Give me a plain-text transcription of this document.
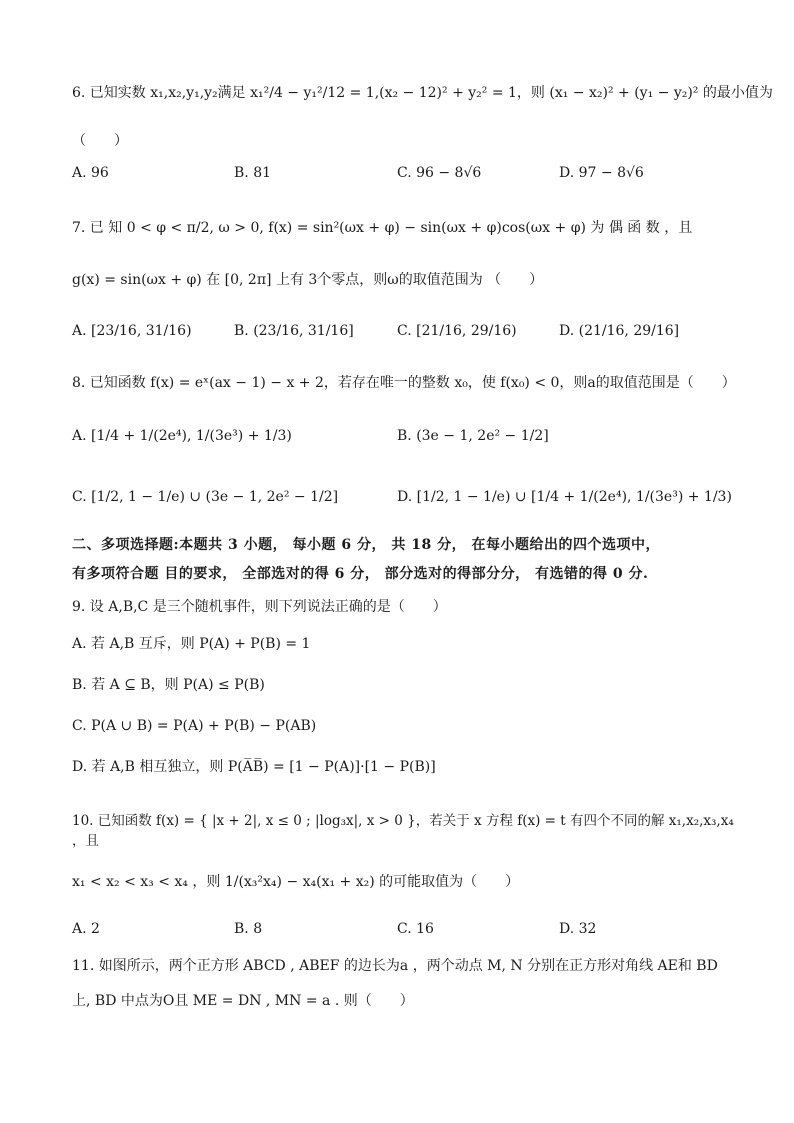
6. 已知实数 x₁,x₂,y₁,y₂满足 x₁²/4 − y₁²/12 = 1,(x₂ − 12)² + y₂² = 1，则 (x₁ − x₂)² + (y₁ − y₂)² 的最小值为
（　　）
A. 96	B. 81	C. 96 − 8√6	D. 97 − 8√6
7. 已 知 0 < φ < π/2, ω > 0, f(x) = sin²(ωx + φ) − sin(ωx + φ)cos(ωx + φ) 为 偶 函 数 ，且
g(x) = sin(ωx + φ) 在 [0, 2π] 上有 3个零点，则ω的取值范围为 （　　）
A. [23/16, 31/16)	B. (23/16, 31/16]	C. [21/16, 29/16)	D. (21/16, 29/16]
8. 已知函数 f(x) = eˣ(ax − 1) − x + 2，若存在唯一的整数 x₀，使 f(x₀) < 0，则a的取值范围是（　　）
A. [1/4 + 1/(2e⁴), 1/(3e³) + 1/3)	B. (3e − 1, 2e² − 1/2]
C. [1/2, 1 − 1/e) ∪ (3e − 1, 2e² − 1/2]	D. [1/2, 1 − 1/e) ∪ [1/4 + 1/(2e⁴), 1/(3e³) + 1/3)
二、多项选择题:本题共 3 小题， 每小题 6 分， 共 18 分， 在每小题给出的四个选项中，
有多项符合题 目的要求， 全部选对的得 6 分， 部分选对的得部分分， 有选错的得 0 分.
9. 设 A,B,C 是三个随机事件，则下列说法正确的是（　　）
A. 若 A,B 互斥，则 P(A) + P(B) = 1
B. 若 A ⊆ B，则 P(A) ≤ P(B)
C. P(A ∪ B) = P(A) + P(B) − P(AB)
D. 若 A,B 相互独立，则 P(A̅B̅) = [1 − P(A)]·[1 − P(B)]
10. 已知函数 f(x) = { |x + 2|, x ≤ 0 ; |log₃x|, x > 0 }，若关于 x 方程 f(x) = t 有四个不同的解 x₁,x₂,x₃,x₄ ，且
x₁ < x₂ < x₃ < x₄ ，则 1/(x₃²x₄) − x₄(x₁ + x₂) 的可能取值为（　　）
A. 2	B. 8	C. 16	D. 32
11. 如图所示，两个正方形 ABCD , ABEF 的边长为a ，两个动点 M, N 分别在正方形对角线 AE和 BD
上, BD 中点为O且 ME = DN , MN = a . 则（　　）
